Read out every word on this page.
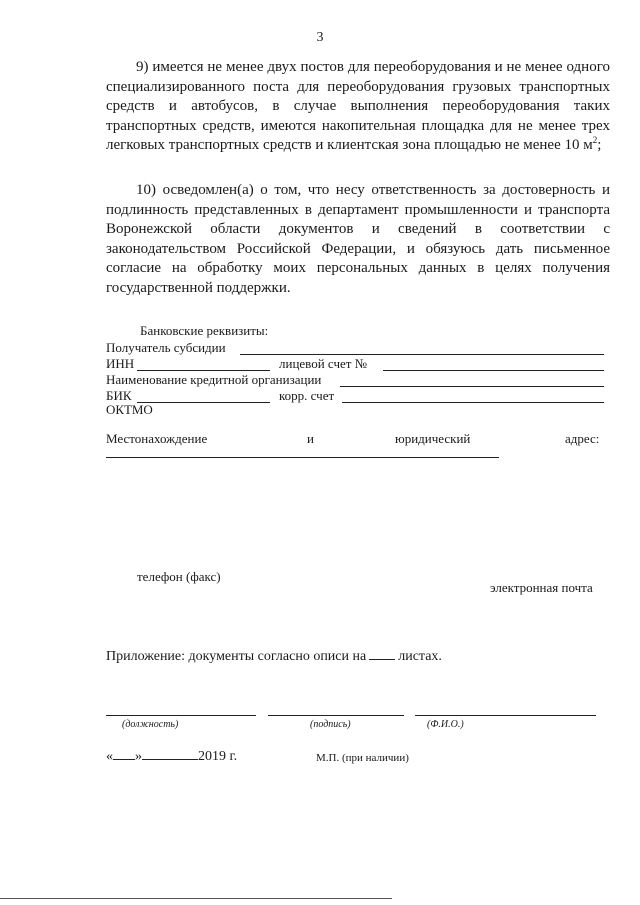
3
9) имеется не менее двух постов для переоборудования и не менее одного специализированного поста для переоборудования грузовых транспортных средств и автобусов, в случае выполнения переоборудования таких транспортных средств, имеются накопительная площадка для не менее трех легковых транспортных средств и клиентская зона площадью не менее 10 $м^2$;
10) осведомлен(а) о том, что несу ответственность за достоверность и подлинность представленных в департамент промышленности и транспорта Воронежской области документов и сведений в соответствии с законодательством Российской Федерации, и обязуюсь дать письменное согласие на обработку моих персональных данных в целях получения государственной поддержки.
Банковские реквизиты:
Получатель субсидии
ИНН	лицевой счет №
Наименование кредитной организации
БИК	корр. счет
ОКТМО
Местонахождение	и	юридический	адрес:
телефон (факс)
электронная почта
Приложение: документы согласно описи на листах.
(должность)	(подпись)	(Ф.И.О.)
« »	2019 г.	М.П. (при наличии)
